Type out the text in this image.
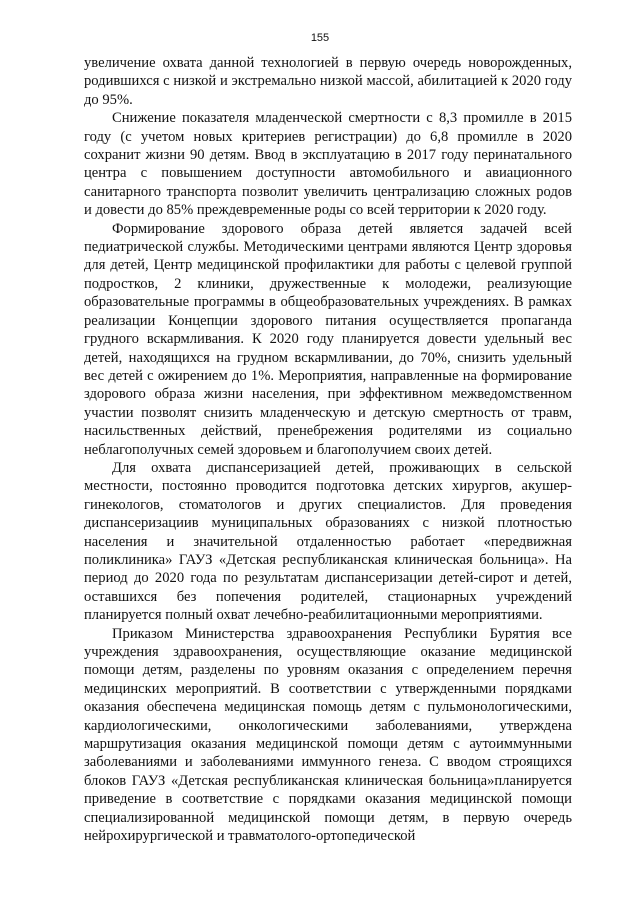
155

увеличение охвата данной технологией в первую очередь новорожденных, родившихся с низкой и экстремально низкой массой, абилитацией к 2020 году до 95%.

Снижение показателя младенческой смертности с 8,3 промилле в 2015 году (с учетом новых критериев регистрации) до 6,8 промилле в 2020 сохранит жизни 90 детям. Ввод в эксплуатацию в 2017 году перинатального центра с повышением доступности автомобильного и авиационного санитарного транспорта позволит увеличить централизацию сложных родов и довести до 85% преждевременные роды со всей территории к 2020 году.

Формирование здорового образа детей является задачей всей педиатрической службы. Методическими центрами являются Центр здоровья для детей, Центр медицинской профилактики для работы с целевой группой подростков, 2 клиники, дружественные к молодежи, реализующие образовательные программы в общеобразовательных учреждениях. В рамках реализации Концепции здорового питания осуществляется пропаганда грудного вскармливания. К 2020 году планируется довести удельный вес детей, находящихся на грудном вскармливании, до 70%, снизить удельный вес детей с ожирением до 1%. Мероприятия, направленные на формирование здорового образа жизни населения, при эффективном межведомственном участии позволят снизить младенческую и детскую смертность от травм, насильственных действий, пренебрежения родителями из социально неблагополучных семей здоровьем и благополучием своих детей.

Для охвата диспансеризацией детей, проживающих в сельской местности, постоянно проводится подготовка детских хирургов, акушер-гинекологов, стоматологов и других специалистов. Для проведения диспансеризациив муниципальных образованиях с низкой плотностью населения и значительной отдаленностью работает «передвижная поликлиника» ГАУЗ «Детская республиканская клиническая больница». На период до 2020 года по результатам диспансеризации детей-сирот и детей, оставшихся без попечения родителей, стационарных учреждений планируется полный охват лечебно-реабилитационными мероприятиями.

Приказом Министерства здравоохранения Республики Бурятия все учреждения здравоохранения, осуществляющие оказание медицинской помощи детям, разделены по уровням оказания с определением перечня медицинских мероприятий. В соответствии с утвержденными порядками оказания обеспечена медицинская помощь детям с пульмонологическими, кардиологическими, онкологическими заболеваниями, утверждена маршрутизация оказания медицинской помощи детям с аутоиммунными заболеваниями и заболеваниями иммунного генеза. С вводом строящихся блоков ГАУЗ «Детская республиканская клиническая больница»планируется приведение в соответствие с порядками оказания медицинской помощи специализированной медицинской помощи детям, в первую очередь нейрохирургической и травматолого-ортопедической
